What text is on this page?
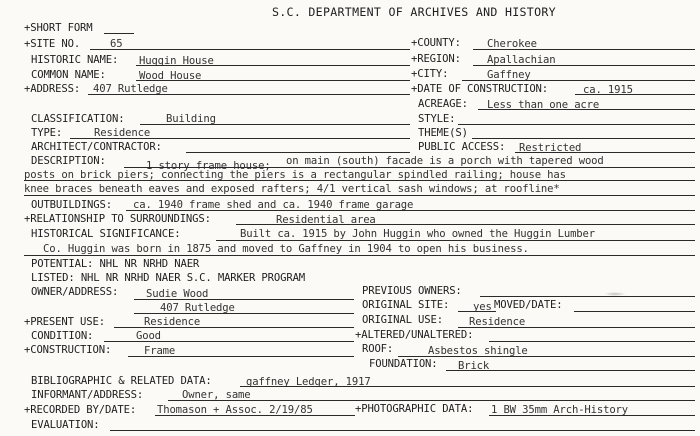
S.C. DEPARTMENT OF ARCHIVES AND HISTORY
+SHORT FORM
+SITE NO.	65	+COUNTY: Cherokee
HISTORIC NAME: Huggin House	+REGION: Apallachian
COMMON NAME:	Wood House	+CITY:	Gaffney
+ADDRESS: 407 Rutledge	+DATE OF CONSTRUCTION:	ca. 1915
ACREAGE: Less than one acre
CLASSIFICATION:	Building	STYLE:
TYPE:	Residence	THEME(S)
ARCHITECT/CONTRACTOR:	PUBLIC ACCESS: Restricted
DESCRIPTION:	1 story frame house; on main (south) facade is a porch with tapered wood
posts on brick piers; connecting the piers is a rectangular spindled railing; house has
knee braces beneath eaves and exposed rafters; 4/1 vertical sash windows; at roofline*
OUTBUILDINGS: ca. 1940 frame shed and ca. 1940 frame garage
+RELATIONSHIP TO SURROUNDINGS:	Residential area
HISTORICAL SIGNIFICANCE:	Built ca. 1915 by John Huggin who owned the Huggin Lumber
Co. Huggin was born in 1875 and moved to Gaffney in 1904 to open his business.
POTENTIAL: NHL NR NRHD NAER
LISTED: NHL NR NRHD NAER S.C. MARKER PROGRAM
OWNER/ADDRESS:	Sudie Wood	PREVIOUS OWNERS:
407 Rutledge	ORIGINAL SITE: yes MOVED/DATE:
+PRESENT USE:	Residence	ORIGINAL USE: Residence
CONDITION:	Good	+ALTERED/UNALTERED:
+CONSTRUCTION:	Frame	ROOF:	Asbestos shingle
FOUNDATION: Brick
BIBLIOGRAPHIC & RELATED DATA:	gaffney Ledger, 1917
INFORMANT/ADDRESS:	Owner, same
+RECORDED BY/DATE: Thomason + Assoc. 2/19/85	+PHOTOGRAPHIC DATA: 1 BW 35mm Arch-History
EVALUATION:
